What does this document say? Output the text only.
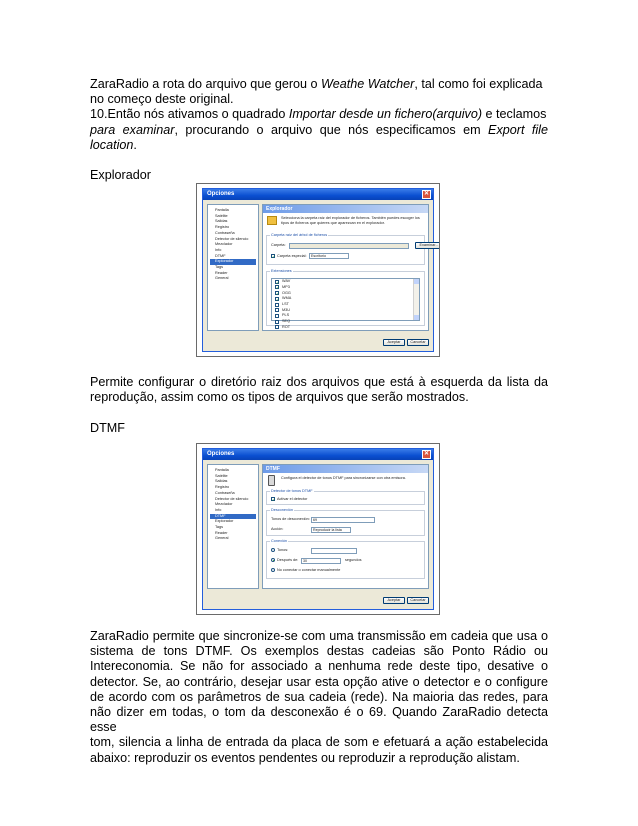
ZaraRadio a rota do arquivo que gerou o Weathe Watcher, tal como foi explicada

no começo deste original.

10.Então nós ativamos o quadrado Importar desde un fichero(arquivo) e teclamos

para examinar, procurando o arquivo que nós especificamos em Export file

location.

Explorador
Opciones	✕
Pantalla
Satélite
Salidas
Registro
Contraseña
Detector de silencio
Mezclador
Info
DTMF
Explorador
Tags
Reader
General
Explorador
Selecciona la carpeta raíz del explorador de ficheros. También puedes escoger los tipos de ficheros que quieres que aparezcan en el explorador.
Carpeta raíz del árbol de ficheros
Carpeta:	Examinar...
✓ Carpeta especial:	Escritorio
Extensiones
✓ WAV
✓ MP3
✓ OGG
✓ WMA
LST
M3U
PLS
SEQ
ROT
Aceptar	Cancelar

Permite configurar o diretório raiz dos arquivos que está à esquerda da lista da

reprodução, assim como os tipos de arquivos que serão mostrados.

DTMF
Opciones	✕
Pantalla
Satélite
Salidas
Registro
Contraseña
Detector de silencio
Mezclador
Info
DTMF
Explorador
Tags
Reader
General
DTMF
Configura el detector de tonos DTMF para sincronizarse con otra emisora.
Detector de tonos DTMF
✓ Activar el detector
Desconexión
Tonos de desconexión: 69
Acción:	Reproducir la lista
Conexión
Tonos:
Después de:	30	segundos
No conectar o conectar manualmente
Aceptar	Cancelar

ZaraRadio permite que sincronize-se com uma transmissão em cadeia que usa o

sistema de tons DTMF. Os exemplos destas cadeias são Ponto Rádio ou

Intereconomia. Se não for associado a nenhuma rede deste tipo, desative o

detector. Se, ao contrário, desejar usar esta opção ative o detector e o configure

de acordo com os parâmetros de sua cadeia (rede). Na maioria das redes, para

não dizer em todas, o tom da desconexão é o 69. Quando ZaraRadio detecta esse

tom, silencia a linha de entrada da placa de som e efetuará a ação estabelecida

abaixo: reproduzir os eventos pendentes ou reproduzir a reprodução alistam.
